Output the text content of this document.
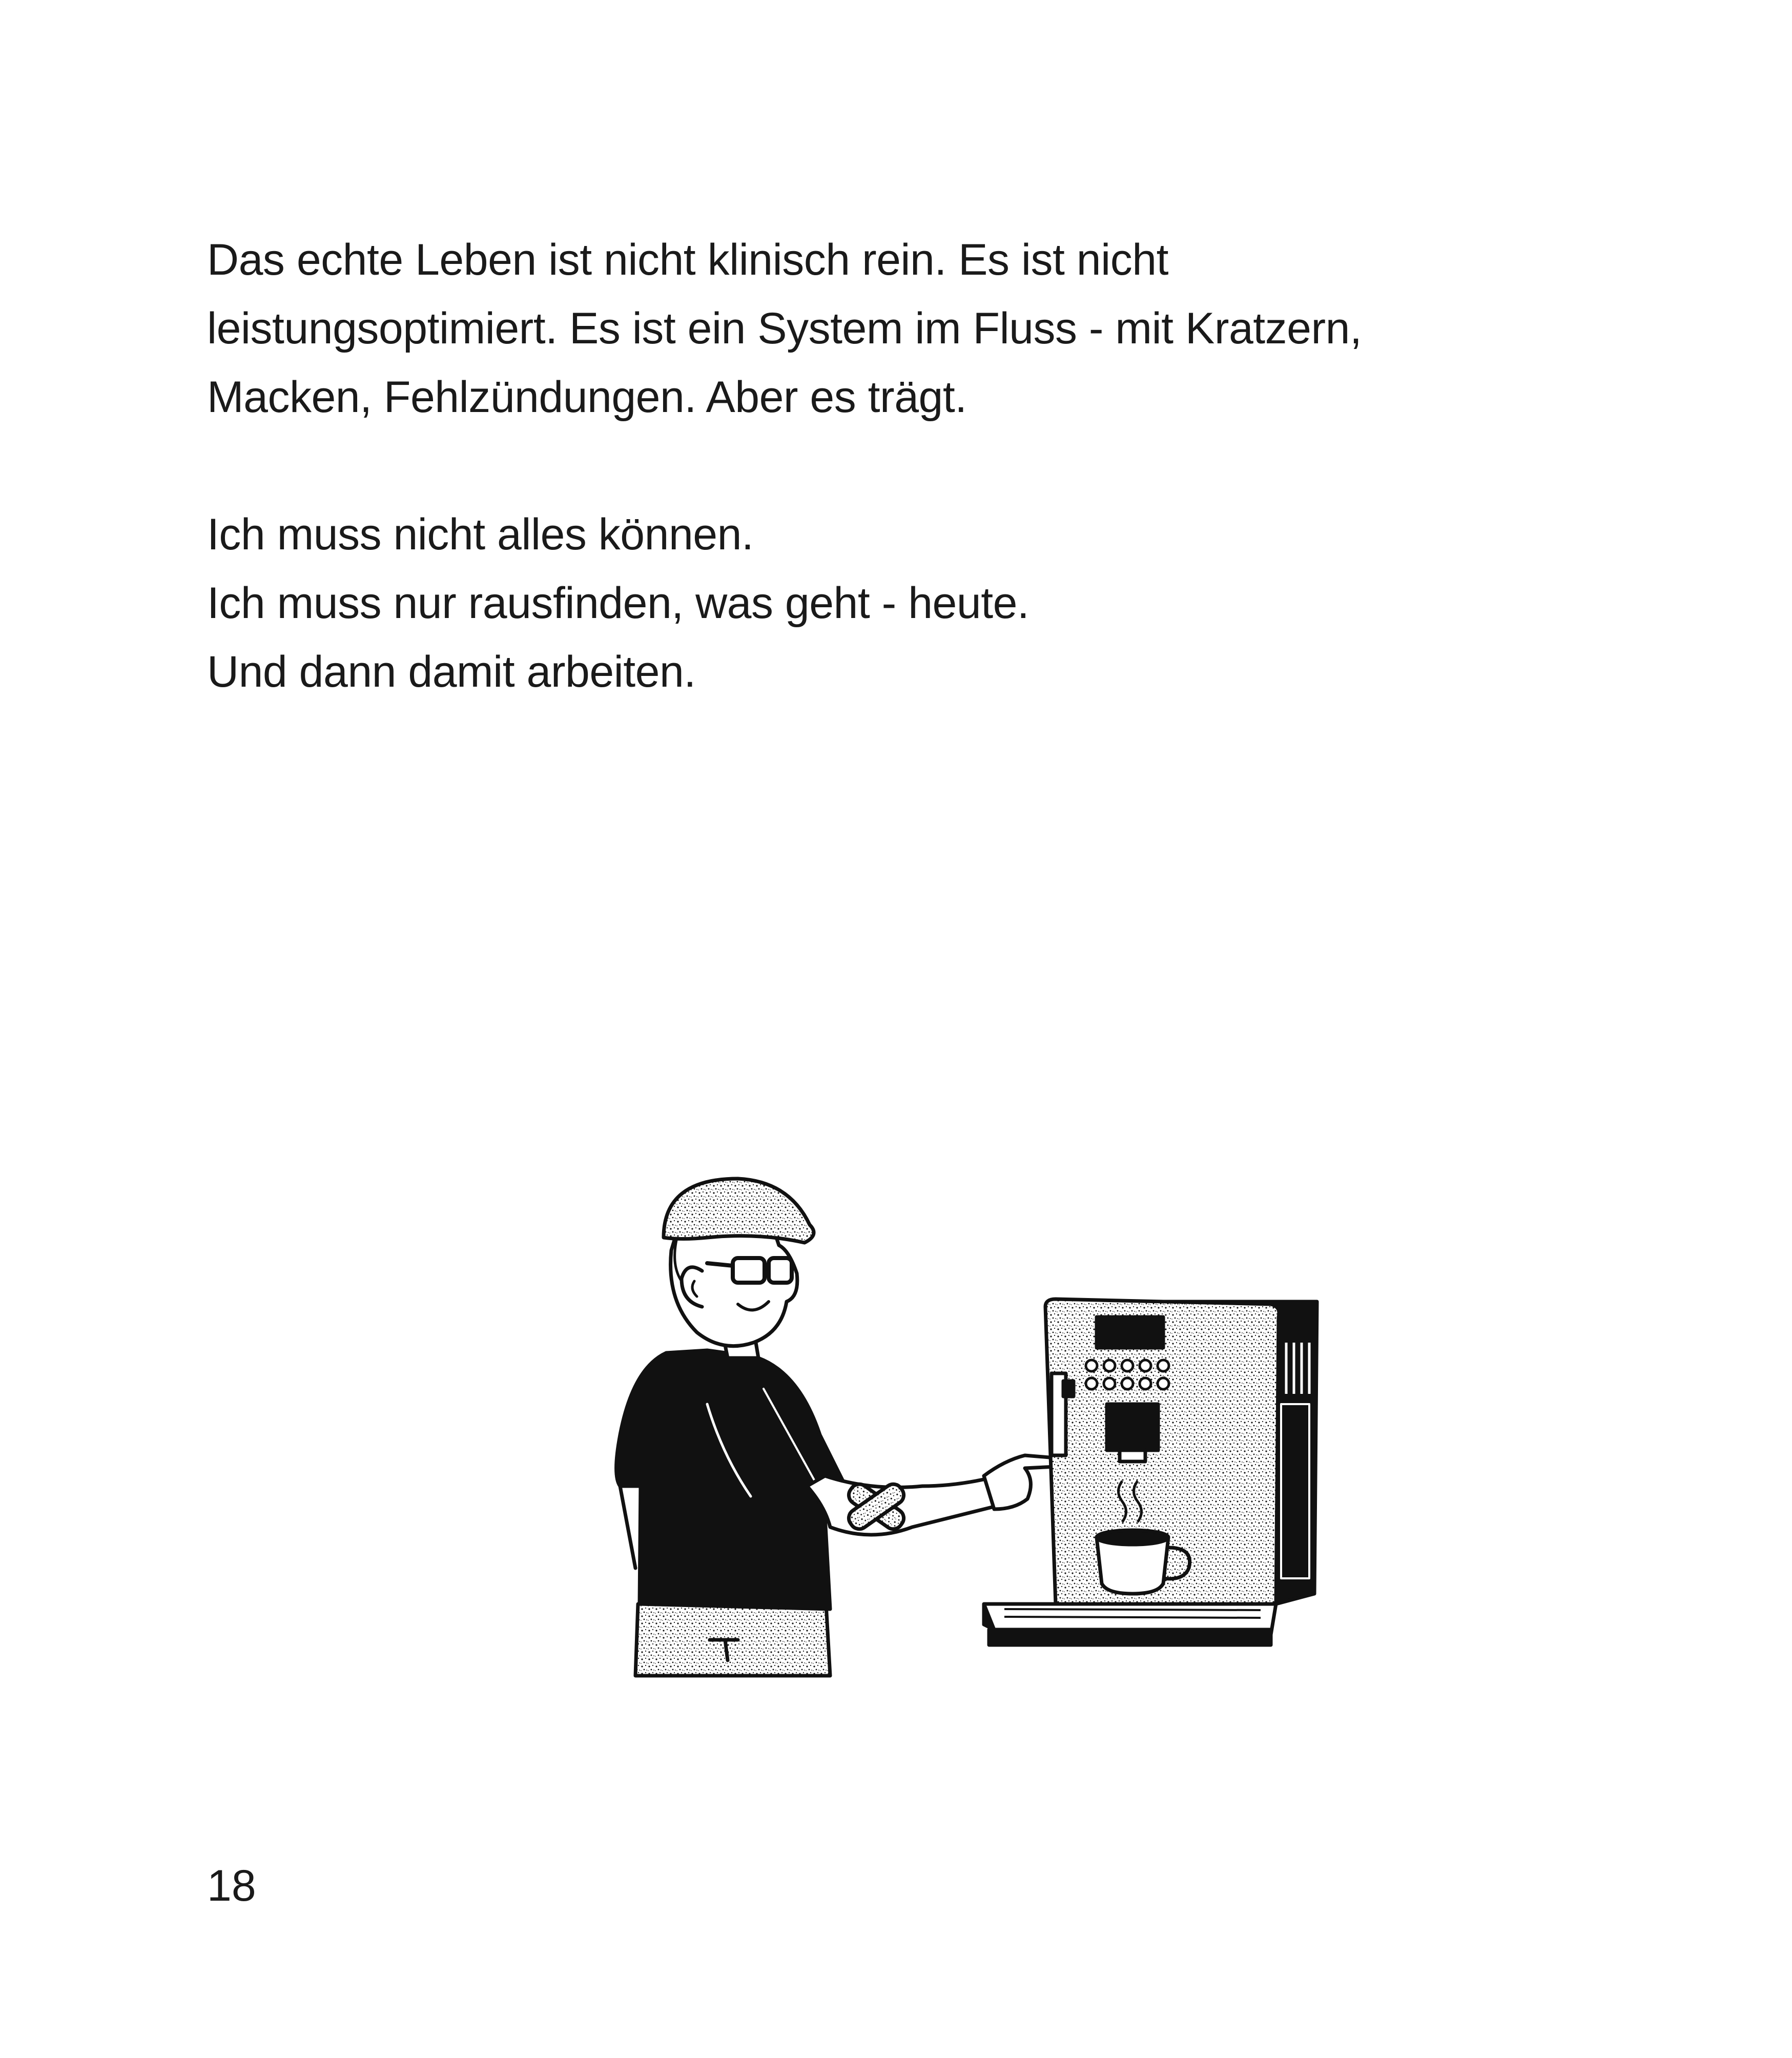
Das echte Leben ist nicht klinisch rein. Es ist nicht
leistungsoptimiert. Es ist ein System im Fluss - mit Kratzern,
Macken, Fehlzündungen. Aber es trägt.
Ich muss nicht alles können.
Ich muss nur rausfinden, was geht - heute.
Und dann damit arbeiten.
18
